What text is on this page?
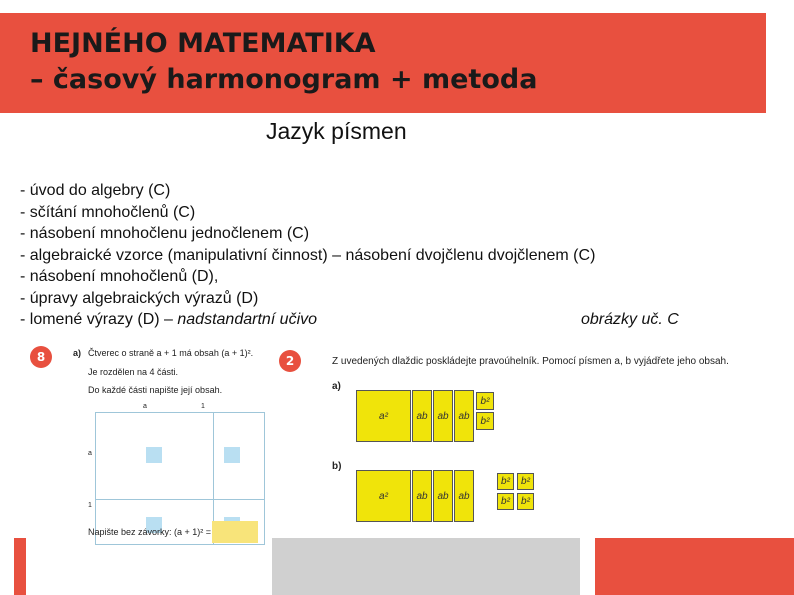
HEJNÉHO MATEMATIKA
– časový harmonogram + metoda
Jazyk písmen
- úvod do algebry (C)
- sčítání mnohočlenů (C)
- násobení mnohočlenu jednočlenem (C)
- algebraické vzorce (manipulativní činnost) – násobení dvojčlenu dvojčlenem (C)
- násobení mnohočlenů (D),
- úpravy algebraických výrazů (D)
- lomené výrazy (D) – nadstandartní učivo	obrázky uč. C
8	a) Čtverec o straně a + 1 má obsah (a + 1)².
Je rozdělen na 4 části.
Do každé části napište její obsah.
a	1
a
1
Napište bez závorky: (a + 1)² =
2	Z uvedených dlaždic poskládejte pravoúhelník. Pomocí písmen a, b vyjádřete jeho obsah.
a)
a²	ab ab ab
b²
b²
b)
a²	ab ab ab
b²	b²
b²	b²
